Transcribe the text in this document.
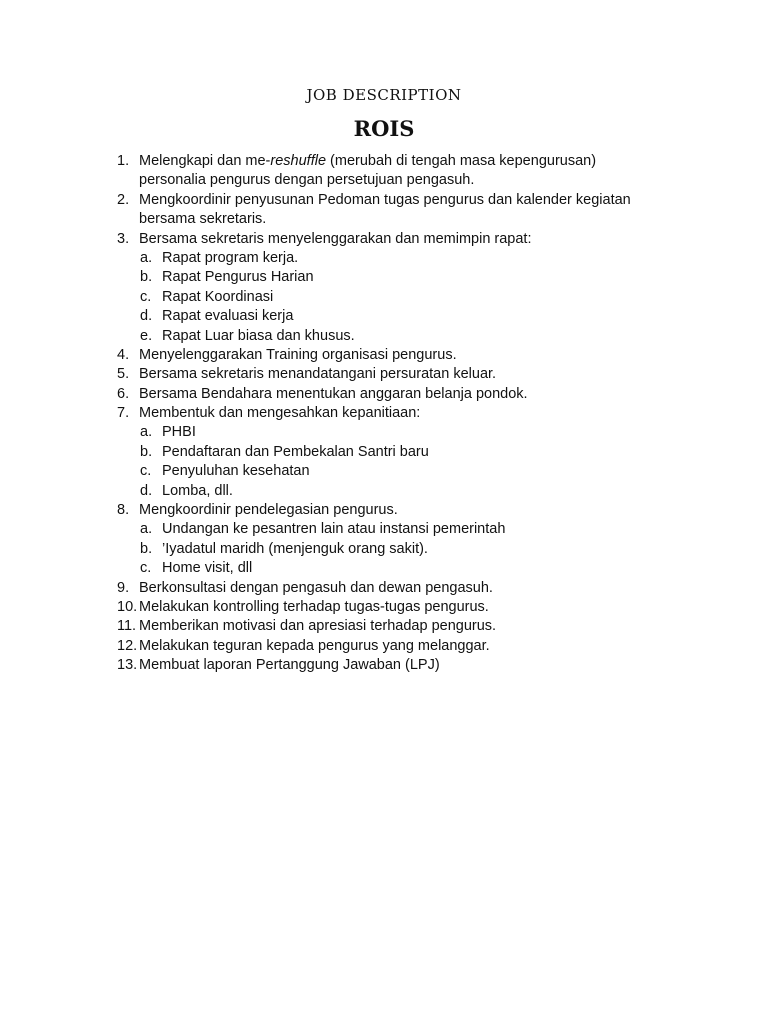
JOB DESCRIPTION
ROIS
1. Melengkapi dan me-reshuffle (merubah di tengah masa kepengurusan)
personalia pengurus dengan persetujuan pengasuh.
2. Mengkoordinir penyusunan Pedoman tugas pengurus dan kalender kegiatan
bersama sekretaris.
3. Bersama sekretaris menyelenggarakan dan memimpin rapat:
a. Rapat program kerja.
b. Rapat Pengurus Harian
c. Rapat Koordinasi
d. Rapat evaluasi kerja
e. Rapat Luar biasa dan khusus.
4. Menyelenggarakan Training organisasi pengurus.
5. Bersama sekretaris menandatangani persuratan keluar.
6. Bersama Bendahara menentukan anggaran belanja pondok.
7. Membentuk dan mengesahkan kepanitiaan:
a. PHBI
b. Pendaftaran dan Pembekalan Santri baru
c. Penyuluhan kesehatan
d. Lomba, dll.
8. Mengkoordinir pendelegasian pengurus.
a. Undangan ke pesantren lain atau instansi pemerintah
b. ’Iyadatul maridh (menjenguk orang sakit).
c. Home visit, dll
9. Berkonsultasi dengan pengasuh dan dewan pengasuh.
10. Melakukan kontrolling terhadap tugas-tugas pengurus.
11. Memberikan motivasi dan apresiasi terhadap pengurus.
12. Melakukan teguran kepada pengurus yang melanggar.
13. Membuat laporan Pertanggung Jawaban (LPJ)
